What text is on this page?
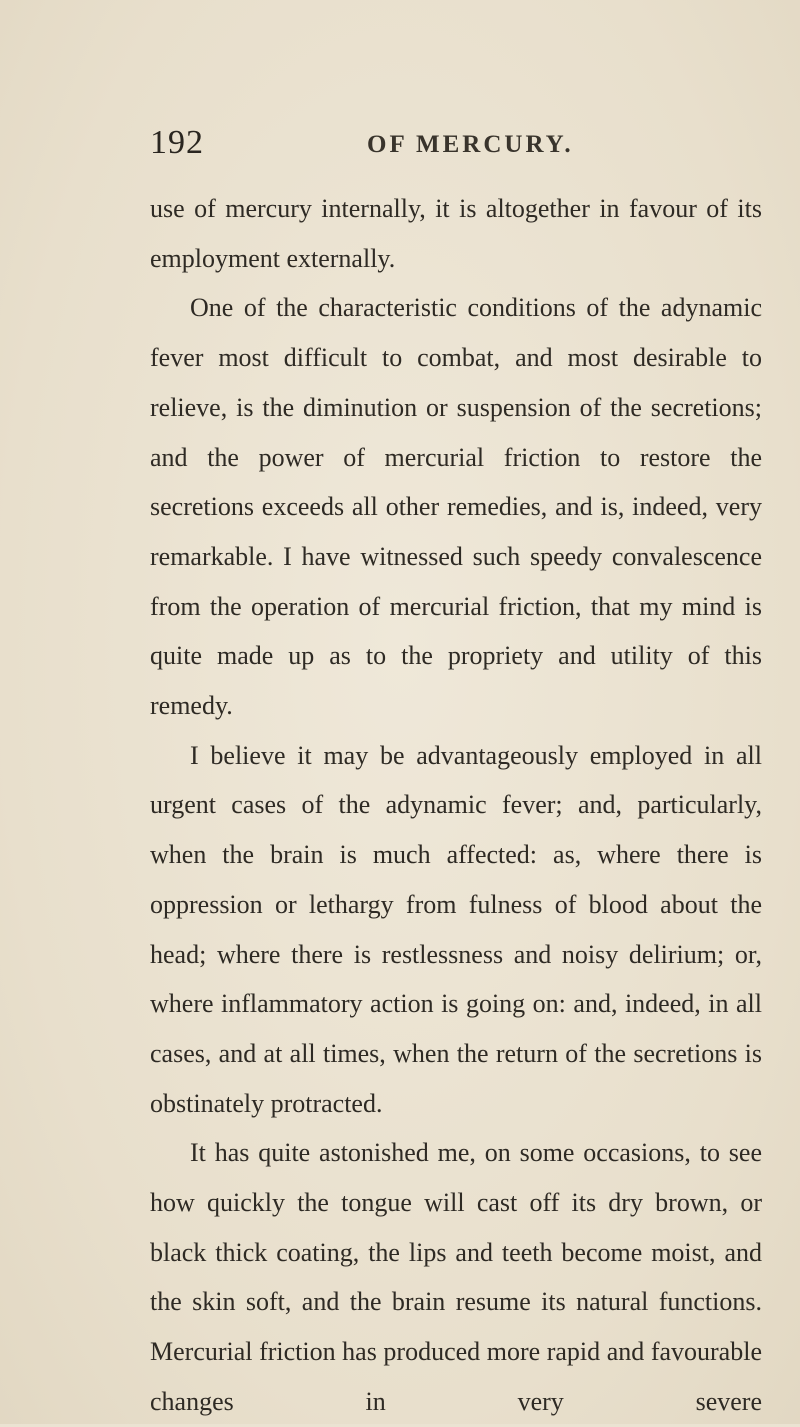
192	OF MERCURY.

use of mercury internally, it is altogether in favour of its employment externally.

One of the characteristic conditions of the adynamic fever most difficult to combat, and most desirable to relieve, is the diminution or suspension of the secretions; and the power of mercurial friction to restore the secretions exceeds all other remedies, and is, indeed, very remarkable. I have witnessed such speedy convalescence from the operation of mercurial friction, that my mind is quite made up as to the propriety and utility of this remedy.

I believe it may be advantageously employed in all urgent cases of the adynamic fever; and, particularly, when the brain is much affected: as, where there is oppression or lethargy from fulness of blood about the head; where there is restlessness and noisy delirium; or, where inflammatory action is going on: and, indeed, in all cases, and at all times, when the return of the secretions is obstinately protracted.

It has quite astonished me, on some occasions, to see how quickly the tongue will cast off its dry brown, or black thick coating, the lips and teeth become moist, and the skin soft, and the brain resume its natural functions. Mercurial friction has produced more rapid and favourable changes in very severe
